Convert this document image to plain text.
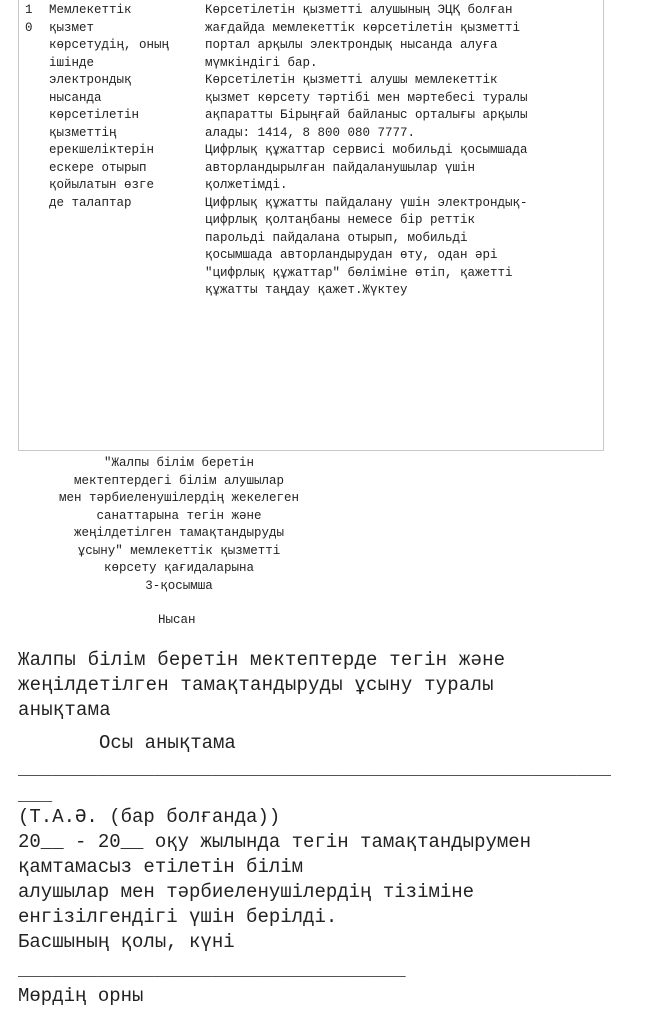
1
0
Мемлекеттік
қызмет
көрсетудің, оның
ішінде
электрондық
нысанда
көрсетілетін
қызметтің
ерекшеліктерін
ескере отырып
қойылатын өзге
де талаптар
Көрсетілетін қызметті алушының ЭЦҚ болған
жағдайда мемлекеттік көрсетілетін қызметті
портал арқылы электрондық нысанда алуға
мүмкіндігі бар.
Көрсетілетін қызметті алушы мемлекеттік
қызмет көрсету тәртібі мен мәртебесі туралы
ақпаратты Бірыңғай байланыс орталығы арқылы
алады: 1414, 8 800 080 7777.
Цифрлық құжаттар сервисі мобильді қосымшада
авторландырылған пайдаланушылар үшін
қолжетімді.
Цифрлық құжатты пайдалану үшін электрондық-
цифрлық қолтаңбаны немесе бір реттік
парольді пайдалана отырып, мобильді
қосымшада авторландырудан өту, одан әрі
"цифрлық құжаттар" бөліміне өтіп, қажетті
құжатты таңдау қажет.Жүктеу
"Жалпы білім беретін
мектептердегі білім алушылар
мен тәрбиеленушілердің жекелеген
санаттарына тегін және
жеңілдетілген тамақтандыруды
ұсыну" мемлекеттік қызметті
көрсету қағидаларына
3-қосымша
Нысан
Жалпы білім беретін мектептерде тегін және
жеңілдетілген тамақтандыруды ұсыну туралы
анықтама
Осы анықтама
____________________________________________________
___
(Т.А.Ә. (бар болғанда))
20__ - 20__ оқу жылында тегін тамақтандырумен
қамтамасыз етілетін білім
алушылар мен тәрбиеленушілердің тізіміне
енгізілгендігі үшін берілді.
Басшының қолы, күні
__________________________________
Мөрдің орны
